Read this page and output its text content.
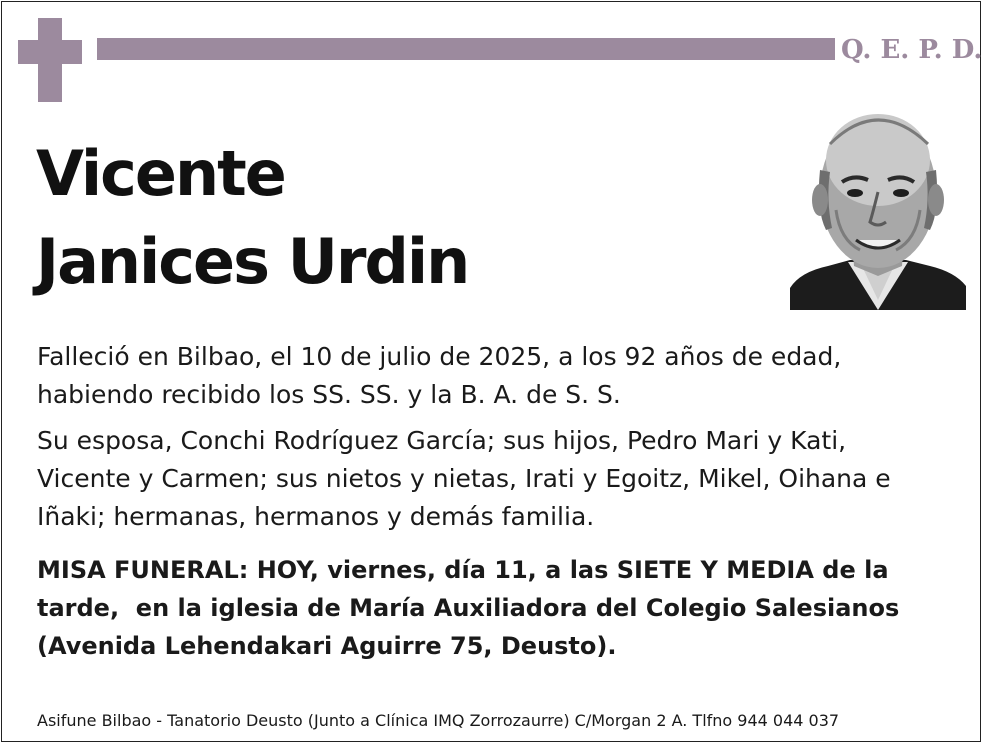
Q. E. P. D.
Vicente
Janices Urdin

Falleció en Bilbao, el 10 de julio de 2025, a los 92 años de edad,
habiendo recibido los SS. SS. y la B. A. de S. S.

Su esposa, Conchi Rodríguez García; sus hijos, Pedro Mari y Kati,
Vicente y Carmen; sus nietos y nietas, Irati y Egoitz, Mikel, Oihana e
Iñaki; hermanas, hermanos y demás familia.

MISA FUNERAL: HOY, viernes, día 11, a las SIETE Y MEDIA de la
tarde,  en la iglesia de María Auxiliadora del Colegio Salesianos
(Avenida Lehendakari Aguirre 75, Deusto).

Asifune Bilbao - Tanatorio Deusto (Junto a Clínica IMQ Zorrozaurre) C/Morgan 2 A. Tlfno 944 044 037
